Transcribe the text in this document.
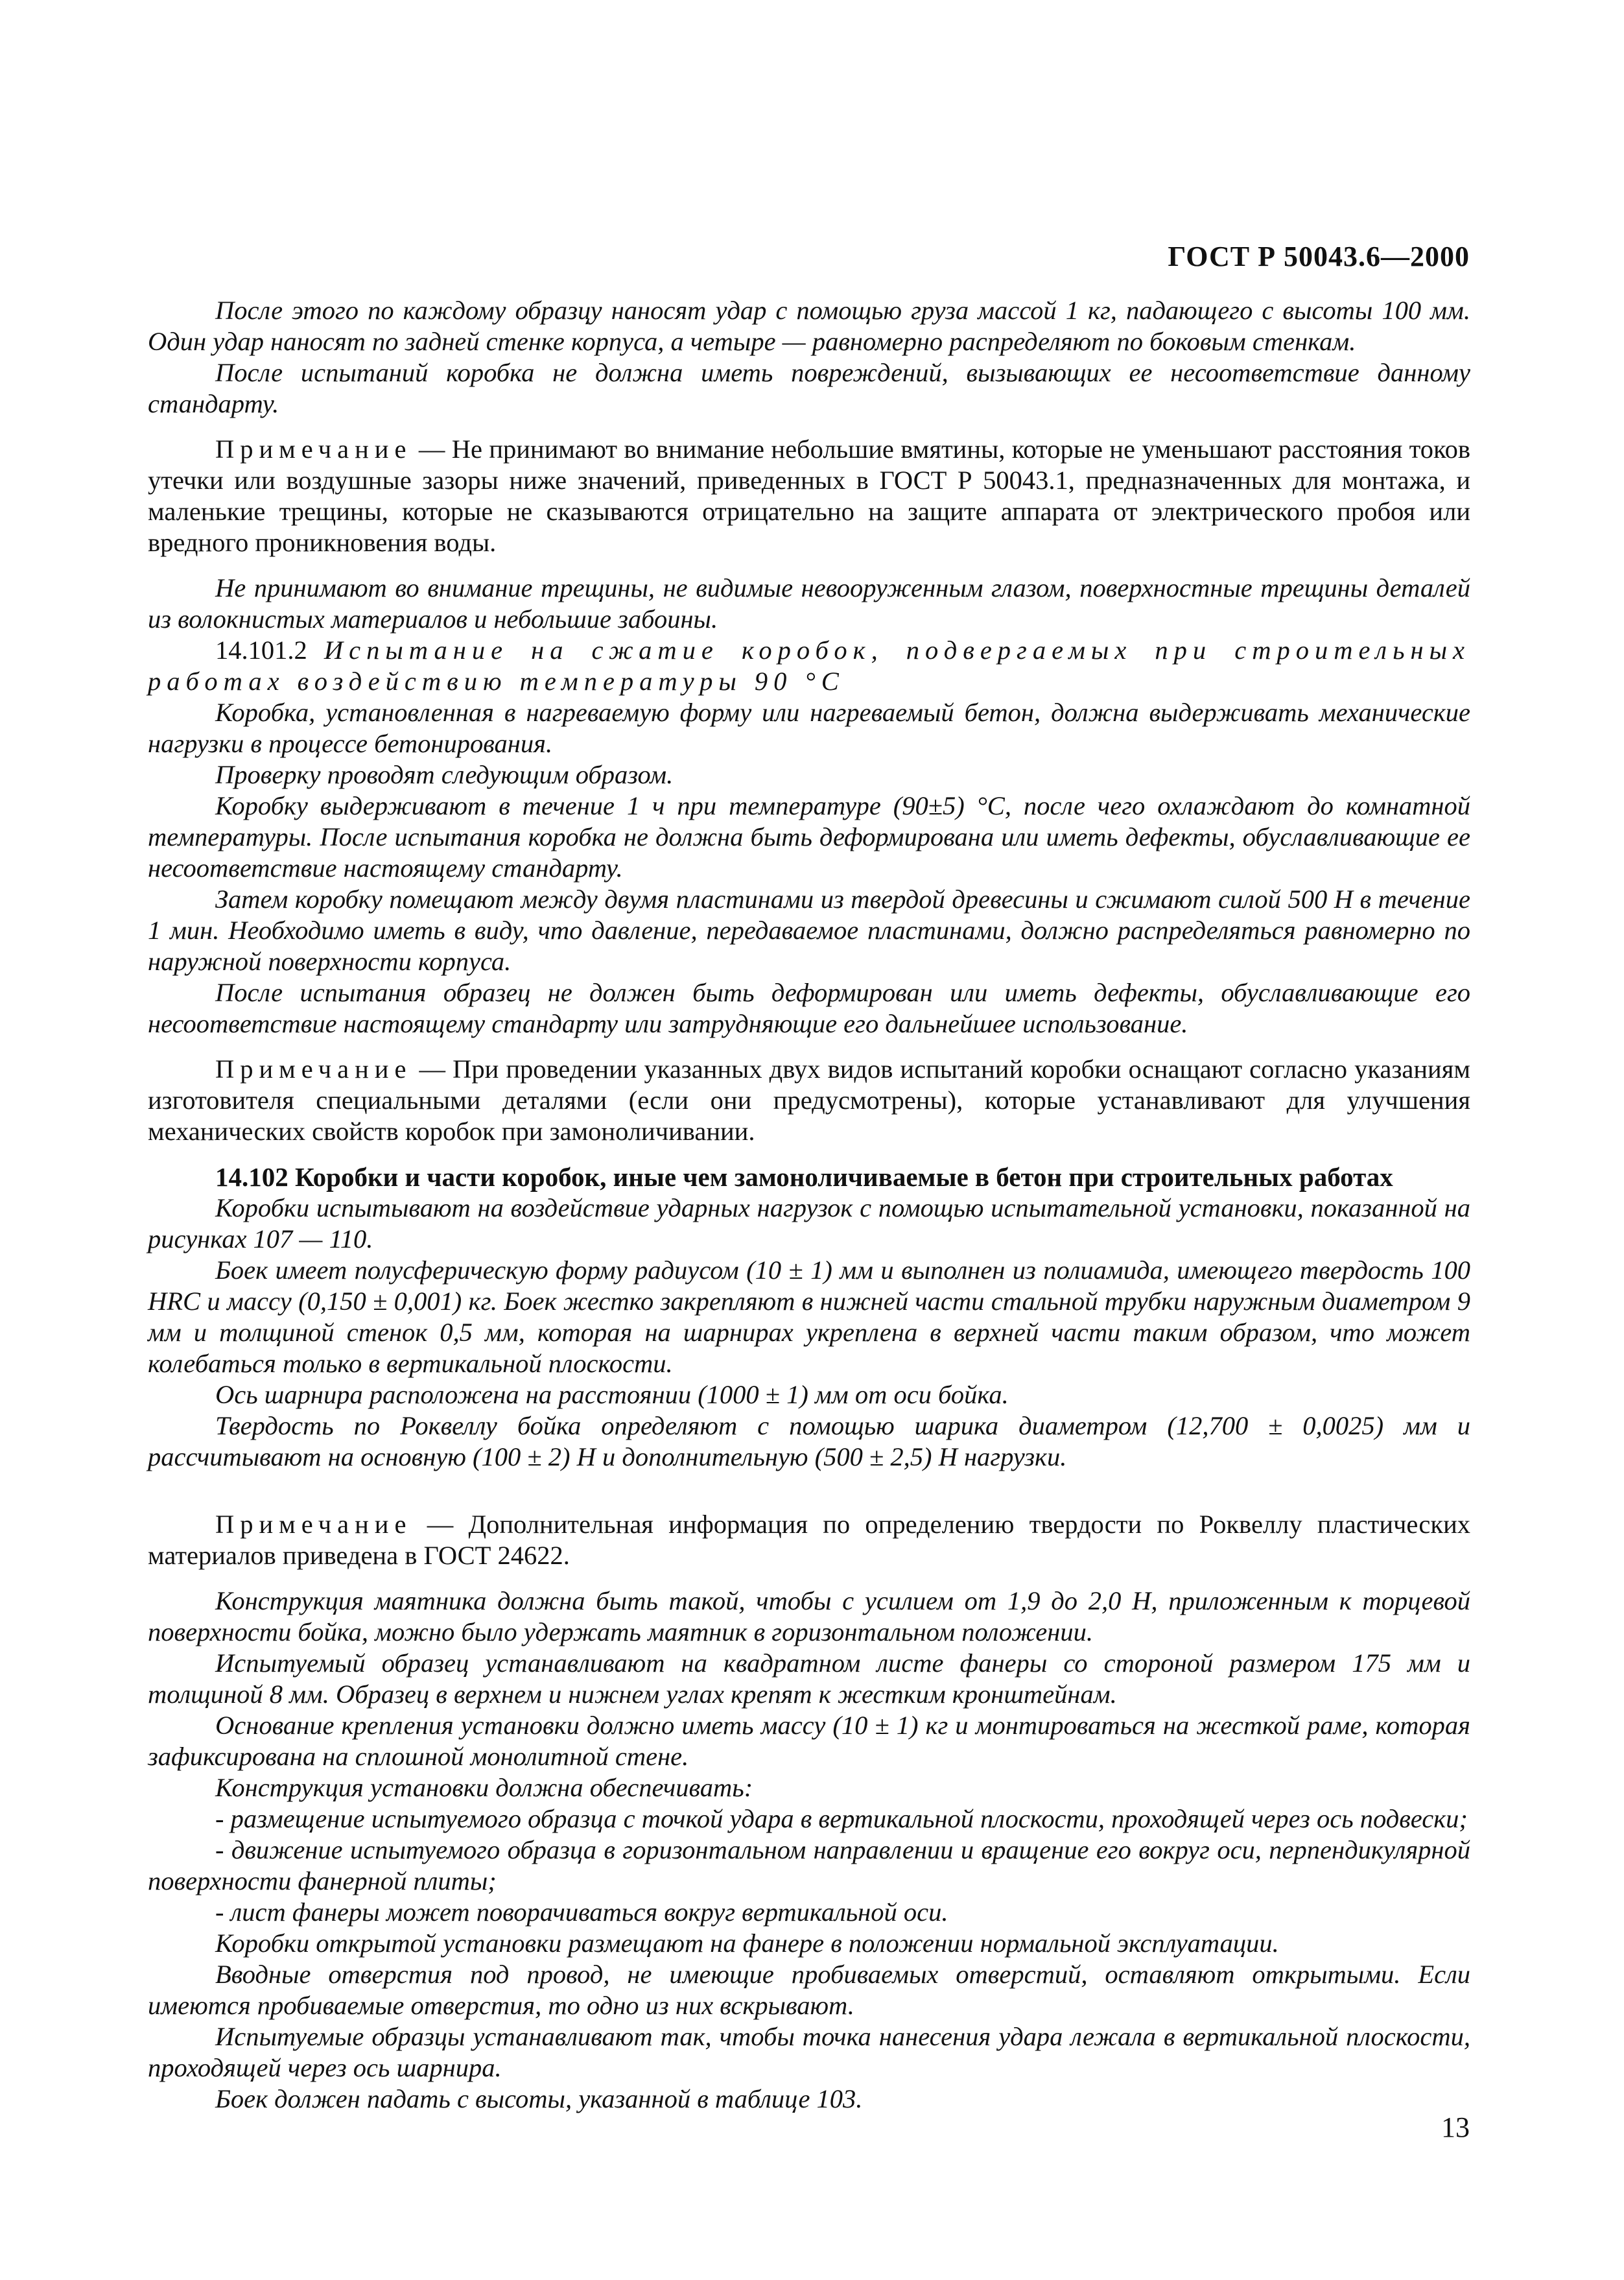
ГОСТ Р 50043.6—2000

После этого по каждому образцу наносят удар с помощью груза массой 1 кг, падающего с высоты 100 мм. Один удар наносят по задней стенке корпуса, а четыре — равномерно распределяют по боковым стенкам.

После испытаний коробка не должна иметь повреждений, вызывающих ее несоответствие данному стандарту.

Примечание — Не принимают во внимание небольшие вмятины, которые не уменьшают расстояния токов утечки или воздушные зазоры ниже значений, приведенных в ГОСТ Р 50043.1, предназначенных для монтажа, и маленькие трещины, которые не сказываются отрицательно на защите аппарата от электрического пробоя или вредного проникновения воды.

Не принимают во внимание трещины, не видимые невооруженным глазом, поверхностные трещины деталей из волокнистых материалов и небольшие забоины.

14.101.2 Испытание на сжатие коробок, подвергаемых при строительных работах воздействию температуры 90 °С

Коробка, установленная в нагреваемую форму или нагреваемый бетон, должна выдерживать механические нагрузки в процессе бетонирования.

Проверку проводят следующим образом.

Коробку выдерживают в течение 1 ч при температуре (90±5) °С, после чего охлаждают до комнатной температуры. После испытания коробка не должна быть деформирована или иметь дефекты, обуславливающие ее несоответствие настоящему стандарту.

Затем коробку помещают между двумя пластинами из твердой древесины и сжимают силой 500 Н в течение 1 мин. Необходимо иметь в виду, что давление, передаваемое пластинами, должно распределяться равномерно по наружной поверхности корпуса.

После испытания образец не должен быть деформирован или иметь дефекты, обуславливающие его несоответствие настоящему стандарту или затрудняющие его дальнейшее использование.

Примечание — При проведении указанных двух видов испытаний коробки оснащают согласно указаниям изготовителя специальными деталями (если они предусмотрены), которые устанавливают для улучшения механических свойств коробок при замоноличивании.

14.102 Коробки и части коробок, иные чем замоноличиваемые в бетон при строительных работах

Коробки испытывают на воздействие ударных нагрузок с помощью испытательной установки, показанной на рисунках 107 — 110.

Боек имеет полусферическую форму радиусом (10 ± 1) мм и выполнен из полиамида, имеющего твердость 100 HRC и массу (0,150 ± 0,001) кг. Боек жестко закрепляют в нижней части стальной трубки наружным диаметром 9 мм и толщиной стенок 0,5 мм, которая на шарнирах укреплена в верхней части таким образом, что может колебаться только в вертикальной плоскости.

Ось шарнира расположена на расстоянии (1000 ± 1) мм от оси бойка.

Твердость по Роквеллу бойка определяют с помощью шарика диаметром (12,700 ± 0,0025) мм и рассчитывают на основную (100 ± 2) Н и дополнительную (500 ± 2,5) Н нагрузки.

Примечание — Дополнительная информация по определению твердости по Роквеллу пластических материалов приведена в ГОСТ 24622.

Конструкция маятника должна быть такой, чтобы с усилием от 1,9 до 2,0 Н, приложенным к торцевой поверхности бойка, можно было удержать маятник в горизонтальном положении.

Испытуемый образец устанавливают на квадратном листе фанеры со стороной размером 175 мм и толщиной 8 мм. Образец в верхнем и нижнем углах крепят к жестким кронштейнам.

Основание крепления установки должно иметь массу (10 ± 1) кг и монтироваться на жесткой раме, которая зафиксирована на сплошной монолитной стене.

Конструкция установки должна обеспечивать:

- размещение испытуемого образца с точкой удара в вертикальной плоскости, проходящей через ось подвески;

- движение испытуемого образца в горизонтальном направлении и вращение его вокруг оси, перпендикулярной поверхности фанерной плиты;

- лист фанеры может поворачиваться вокруг вертикальной оси.

Коробки открытой установки размещают на фанере в положении нормальной эксплуатации.

Вводные отверстия под провод, не имеющие пробиваемых отверстий, оставляют открытыми. Если имеются пробиваемые отверстия, то одно из них вскрывают.

Испытуемые образцы устанавливают так, чтобы точка нанесения удара лежала в вертикальной плоскости, проходящей через ось шарнира.

Боек должен падать с высоты, указанной в таблице 103.

13
